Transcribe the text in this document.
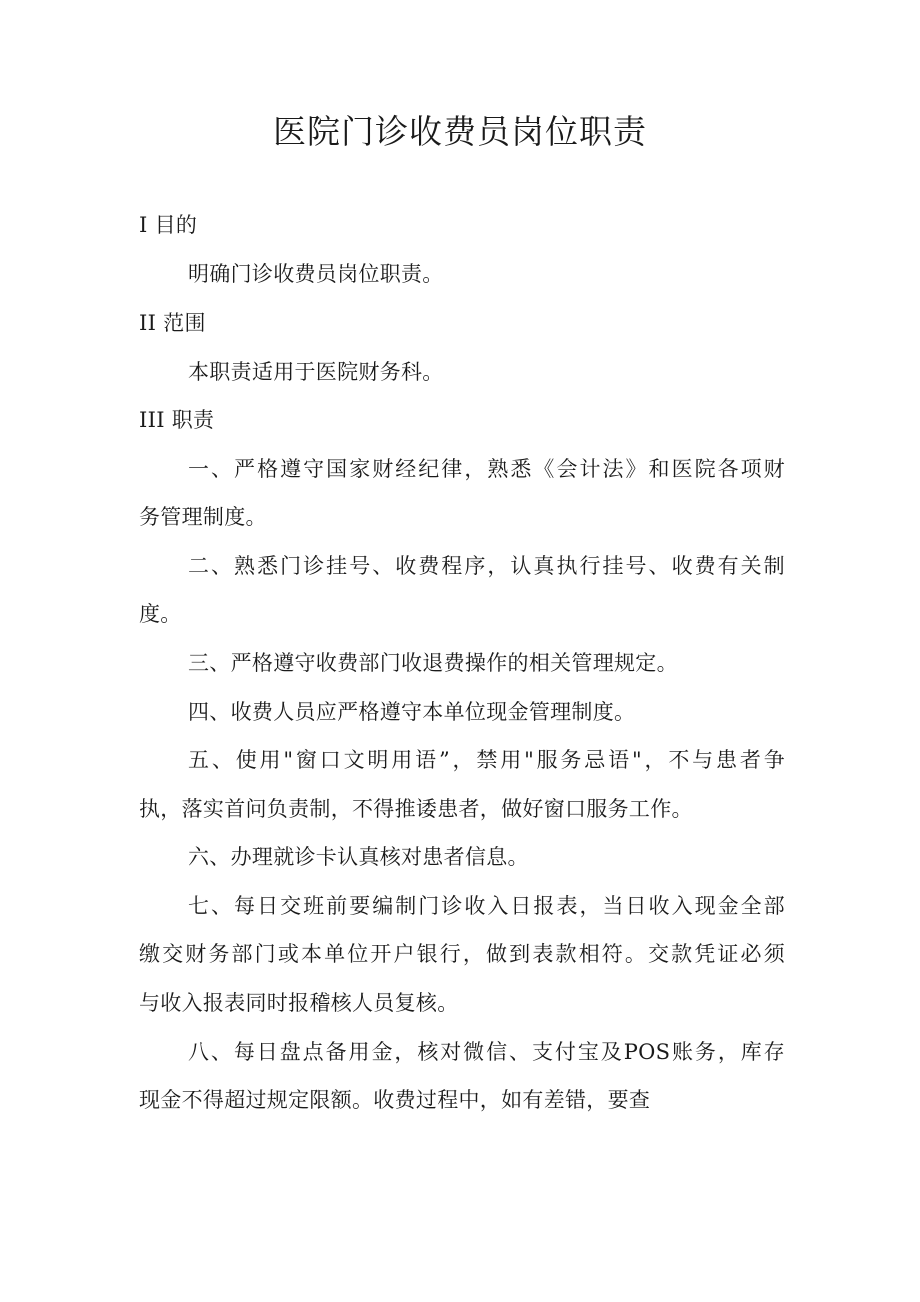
医院门诊收费员岗位职责
I 目的
明确门诊收费员岗位职责。
II 范围
本职责适用于医院财务科。
III 职责
一、严格遵守国家财经纪律，熟悉《会计法》和医院各项财
务管理制度。
二、熟悉门诊挂号、收费程序，认真执行挂号、收费有关制
度。
三、严格遵守收费部门收退费操作的相关管理规定。
四、收费人员应严格遵守本单位现金管理制度。
五、使用"窗口文明用语”，禁用"服务忌语"，不与患者争
执，落实首问负责制，不得推诿患者，做好窗口服务工作。
六、办理就诊卡认真核对患者信息。
七、每日交班前要编制门诊收入日报表，当日收入现金全部
缴交财务部门或本单位开户银行，做到表款相符。交款凭证必须
与收入报表同时报稽核人员复核。
八、每日盘点备用金，核对微信、支付宝及POS账务，库存
现金不得超过规定限额。收费过程中，如有差错，要查
